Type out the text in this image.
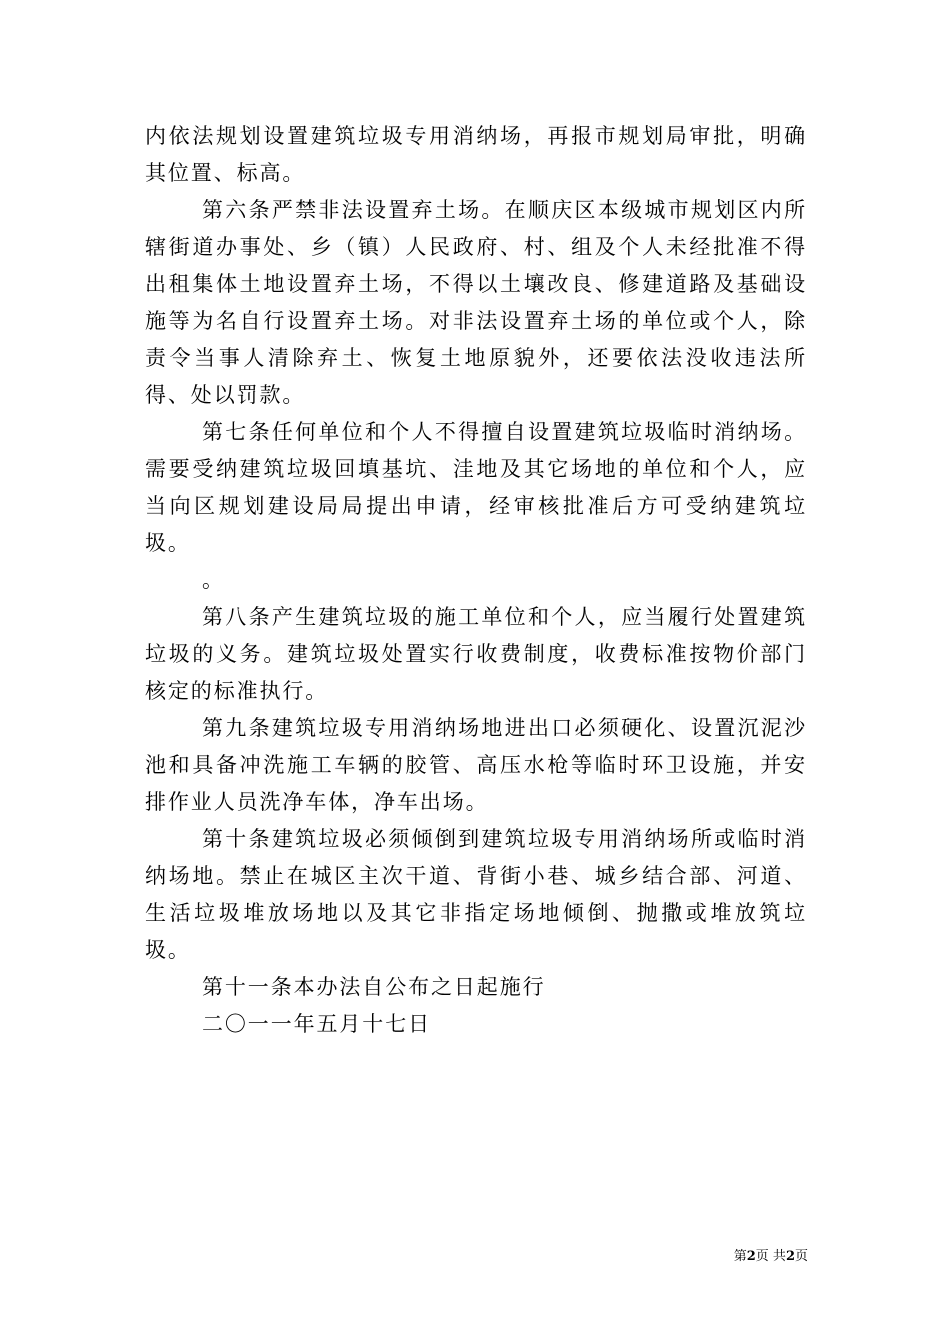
内依法规划设置建筑垃圾专用消纳场，再报市规划局审批，明确其位置、标高。

第六条严禁非法设置弃土场。在顺庆区本级城市规划区内所辖街道办事处、乡（镇）人民政府、村、组及个人未经批准不得出租集体土地设置弃土场，不得以土壤改良、修建道路及基础设施等为名自行设置弃土场。对非法设置弃土场的单位或个人，除责令当事人清除弃土、恢复土地原貌外，还要依法没收违法所得、处以罚款。

第七条任何单位和个人不得擅自设置建筑垃圾临时消纳场。需要受纳建筑垃圾回填基坑、洼地及其它场地的单位和个人，应当向区规划建设局局提出申请，经审核批准后方可受纳建筑垃圾。

。

第八条产生建筑垃圾的施工单位和个人，应当履行处置建筑垃圾的义务。建筑垃圾处置实行收费制度，收费标准按物价部门核定的标准执行。

第九条建筑垃圾专用消纳场地进出口必须硬化、设置沉泥沙池和具备冲洗施工车辆的胶管、高压水枪等临时环卫设施，并安排作业人员洗净车体，净车出场。

第十条建筑垃圾必须倾倒到建筑垃圾专用消纳场所或临时消纳场地。禁止在城区主次干道、背街小巷、城乡结合部、河道、生活垃圾堆放场地以及其它非指定场地倾倒、抛撒或堆放筑垃圾。

第十一条本办法自公布之日起施行

二〇一一年五月十七日

第2页 共2页
